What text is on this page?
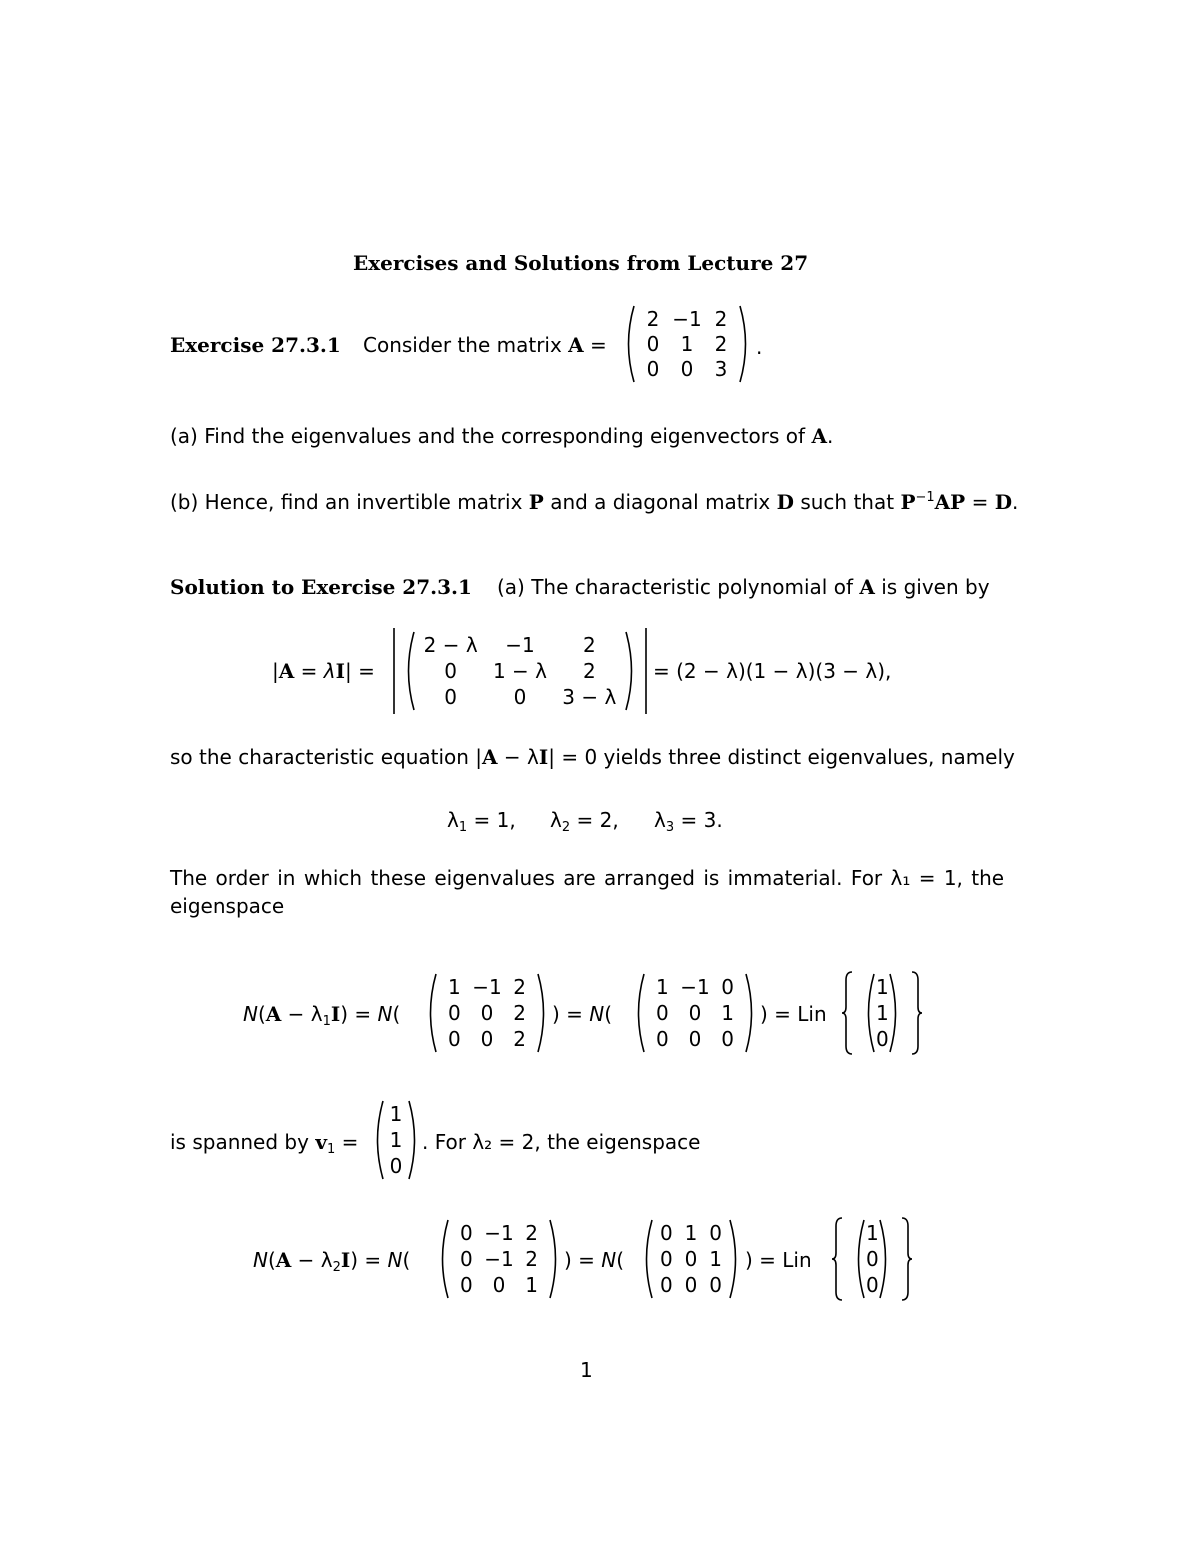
Exercises and Solutions from Lecture 27
Exercise 27.3.1 Consider the matrix A =
2 −1 2
0	1	2
0	0	3
.
(a) Find the eigenvalues and the corresponding eigenvectors of A.
(b) Hence, find an invertible matrix P and a diagonal matrix D such that $P^{-1}AP = D$.
Solution to Exercise 27.3.1 (a) The characteristic polynomial of A is given by
|A = λI| =
2 − λ	−1	2
0	1 − λ	2
0	0	3 − λ
= (2 − λ)(1 − λ)(3 − λ),
so the characteristic equation |A − λI| = 0 yields three distinct eigenvalues, namely
$\lambda_1 = 1$, $\lambda_2 = 2$, $\lambda_3 = 3$.
The order in which these eigenvalues are arranged is immaterial. For λ₁ = 1, the
eigenspace
$N(A - \lambda_1I) = N$(
1 −1 2
0 0 2
0 0 2
) = N(
1 −1 0
0 0 1
0 0 0
) = Lin
1
1
0
is spanned by $v_1$ =
1
1
0
. For λ₂ = 2, the eigenspace
$N(A - \lambda_2I) = N$(
0 −1 2
0 −1 2
0 0 1
) = N(
0 1 0
0 0 1
0 0 0
) = Lin
1
0
0
1
